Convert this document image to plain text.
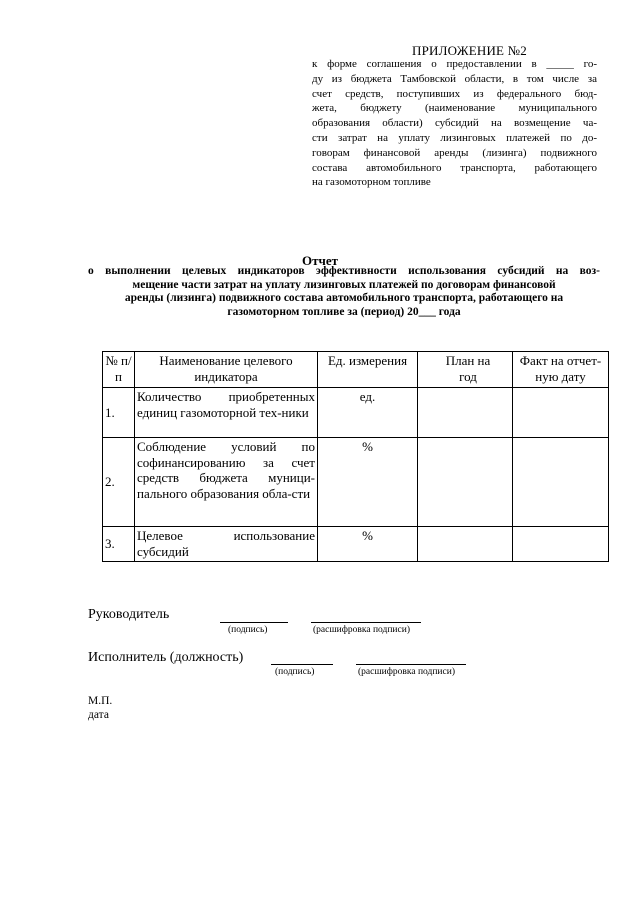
ПРИЛОЖЕНИЕ №2
к форме соглашения о предоставлении в _____ го-
ду из бюджета Тамбовской области, в том числе за
счет средств, поступивших из федерального бюд-
жета, бюджету (наименование муниципального
образования области) субсидий на возмещение ча-
сти затрат на уплату лизинговых платежей по до-
говорам финансовой аренды (лизинга) подвижного
состава автомобильного транспорта, работающего
на газомоторном топливе
Отчет
о выполнении целевых индикаторов эффективности использования субсидий на воз-
мещение части затрат на уплату лизинговых платежей по договорам финансовой
аренды (лизинга) подвижного состава автомобильного транспорта, работающего на
газомоторном топливе за (период) 20___ года
№ п/п	Наименование целевого индикатора	Ед. измерения	План на год	Факт на отчет-ную дату
1.	Количество приобретенных единиц газомоторной тех-ники	ед.		
2.	Соблюдение условий по софинансированию за счет средств бюджета муници-пального образования обла-сти	%		
3.	Целевое использование субсидий	%		
Руководитель
(подпись)	(расшифровка подписи)
Исполнитель (должность)
(подпись)	(расшифровка подписи)
М.П.
дата
